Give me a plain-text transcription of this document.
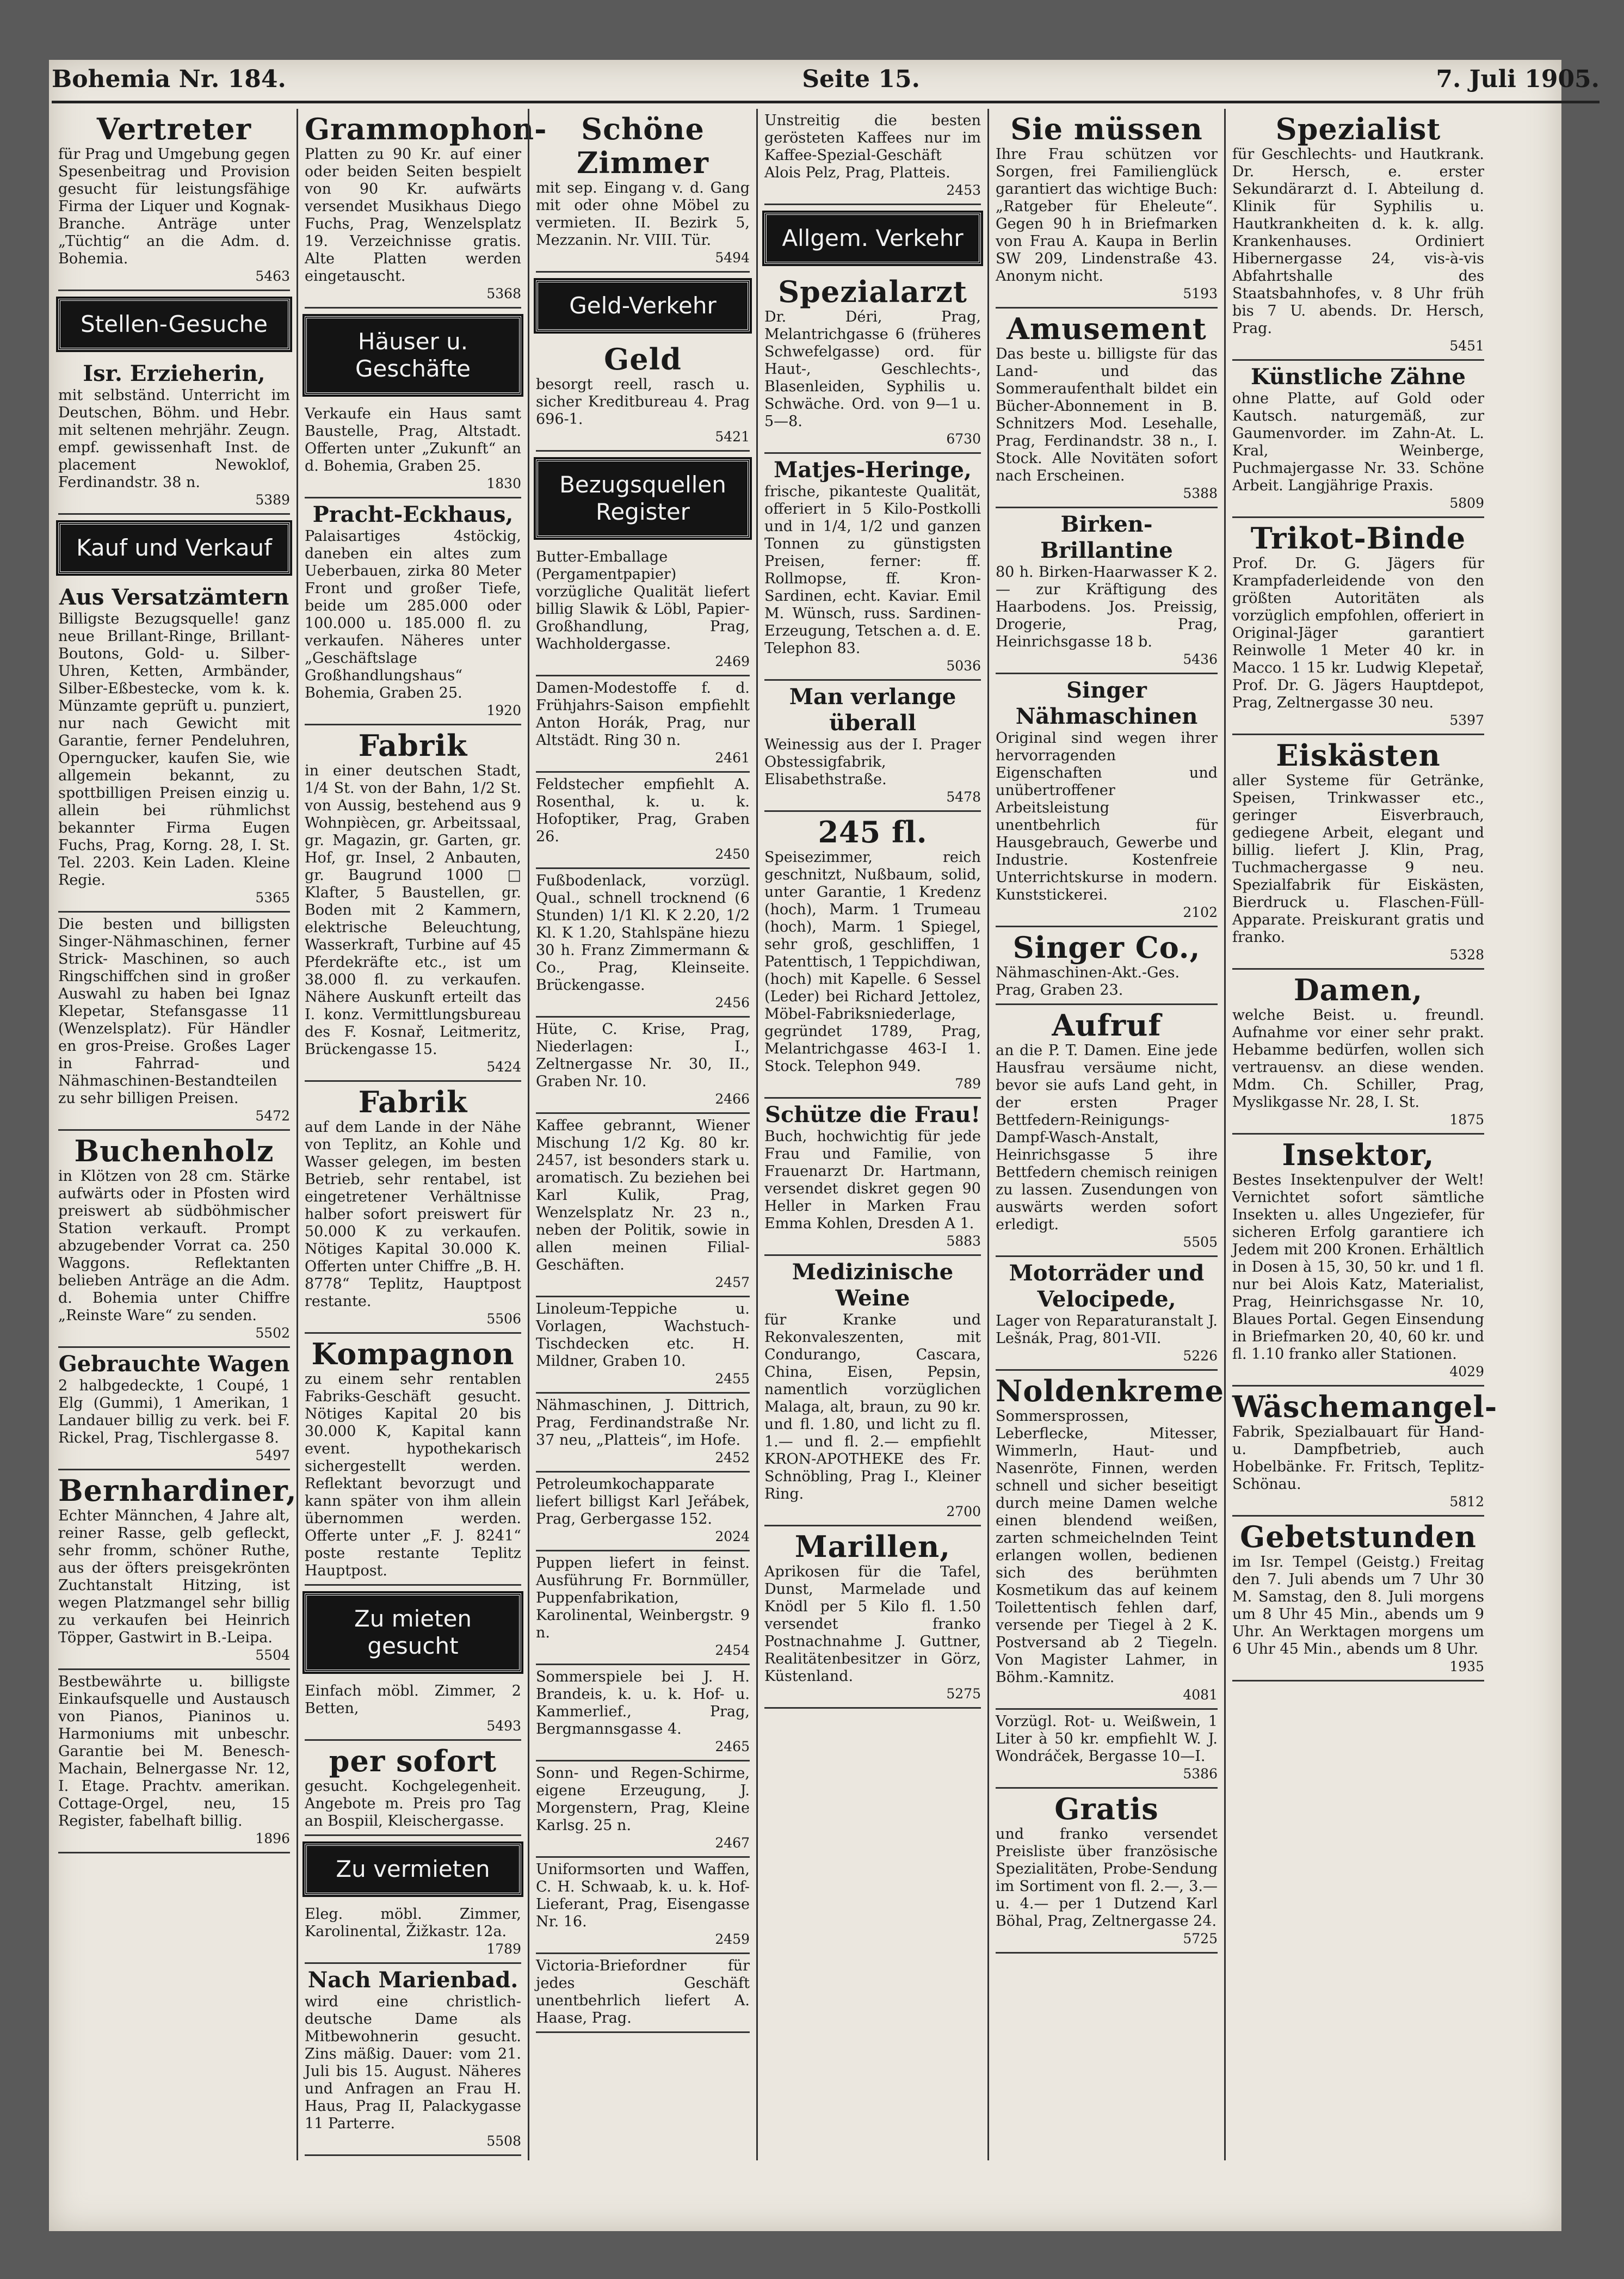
Bohemia Nr. 184.	Seite 15.	7. Juli 1905.
Vertreter
für Prag und Umgebung gegen Spesenbeitrag und Provision gesucht für leistungsfähige Firma der Liquer und Kognak-Branche. Anträge unter „Tüchtig“ an die Adm. d. Bohemia.
5463
Stellen-Gesuche
Isr. Erzieherin,
mit selbständ. Unterricht im Deutschen, Böhm. und Hebr. mit seltenen mehrjähr. Zeugn. empf. gewissenhaft Inst. de placement Newoklof, Ferdinandstr. 38 n.
5389
Kauf und Verkauf
Aus Versatzämtern
Billigste Bezugsquelle! ganz neue Brillant-Ringe, Brillant-Boutons, Gold- u. Silber-Uhren, Ketten, Armbänder, Silber-Eßbestecke, vom k. k. Münzamte geprüft u. punziert, nur nach Gewicht mit Garantie, ferner Pendeluhren, Operngucker, kaufen Sie, wie allgemein bekannt, zu spottbilligen Preisen einzig u. allein bei rühmlichst bekannter Firma Eugen Fuchs, Prag, Korng. 28, I. St. Tel. 2203. Kein Laden. Kleine Regie.
5365
Die besten und billigsten Singer-Nähmaschinen, ferner Strick- Maschinen, so auch Ringschiffchen sind in großer Auswahl zu haben bei Ignaz Klepetar, Stefansgasse 11 (Wenzelsplatz). Für Händler en gros-Preise. Großes Lager in Fahrrad- und Nähmaschinen-Bestandteilen zu sehr billigen Preisen.
5472
Buchenholz
in Klötzen von 28 cm. Stärke aufwärts oder in Pfosten wird preiswert ab südböhmischer Station verkauft. Prompt abzugebender Vorrat ca. 250 Waggons. Reflektanten belieben Anträge an die Adm. d. Bohemia unter Chiffre „Reinste Ware“ zu senden.
5502
Gebrauchte Wagen
2 halbgedeckte, 1 Coupé, 1 Elg (Gummi), 1 Amerikan, 1 Landauer billig zu verk. bei F. Rickel, Prag, Tischlergasse 8.
5497
Bernhardiner,
Echter Männchen, 4 Jahre alt, reiner Rasse, gelb gefleckt, sehr fromm, schöner Ruthe, aus der öfters preisgekrönten Zuchtanstalt Hitzing, ist wegen Platzmangel sehr billig zu verkaufen bei Heinrich Töpper, Gastwirt in B.-Leipa.
5504
Bestbewährte u. billigste Einkaufsquelle und Austausch von Pianos, Pianinos u. Harmoniums mit unbeschr. Garantie bei M. Benesch-Machain, Belnergasse Nr. 12, I. Etage. Prachtv. amerikan. Cottage-Orgel, neu, 15 Register, fabelhaft billig.
1896
Grammophon-
Platten zu 90 Kr. auf einer oder beiden Seiten bespielt von 90 Kr. aufwärts versendet Musikhaus Diego Fuchs, Prag, Wenzelsplatz 19. Verzeichnisse gratis. Alte Platten werden eingetauscht.
5368
Häuser u. Geschäfte
Verkaufe ein Haus samt Baustelle, Prag, Altstadt. Offerten unter „Zukunft“ an d. Bohemia, Graben 25.
1830
Pracht-Eckhaus,
Palaisartiges 4stöckig, daneben ein altes zum Ueberbauen, zirka 80 Meter Front und großer Tiefe, beide um 285.000 oder 100.000 u. 185.000 fl. zu verkaufen. Näheres unter „Geschäftslage Großhandlungshaus“ Bohemia, Graben 25.
1920
Fabrik
in einer deutschen Stadt, 1/4 St. von der Bahn, 1/2 St. von Aussig, bestehend aus 9 Wohnpiècen, gr. Arbeitssaal, gr. Magazin, gr. Garten, gr. Hof, gr. Insel, 2 Anbauten, gr. Baugrund 1000 □ Klafter, 5 Baustellen, gr. Boden mit 2 Kammern, elektrische Beleuchtung, Wasserkraft, Turbine auf 45 Pferdekräfte etc., ist um 38.000 fl. zu verkaufen. Nähere Auskunft erteilt das I. konz. Vermittlungsbureau des F. Kosnař, Leitmeritz, Brückengasse 15.
5424
Fabrik
auf dem Lande in der Nähe von Teplitz, an Kohle und Wasser gelegen, im besten Betrieb, sehr rentabel, ist eingetretener Verhältnisse halber sofort preiswert für 50.000 K zu verkaufen. Nötiges Kapital 30.000 K. Offerten unter Chiffre „B. H. 8778“ Teplitz, Hauptpost restante.
5506
Kompagnon
zu einem sehr rentablen Fabriks-Geschäft gesucht. Nötiges Kapital 20 bis 30.000 K, Kapital kann event. hypothekarisch sichergestellt werden. Reflektant bevorzugt und kann später von ihm allein übernommen werden. Offerte unter „F. J. 8241“ poste restante Teplitz Hauptpost.
Zu mieten gesucht
Einfach möbl. Zimmer, 2 Betten,
5493
per sofort
gesucht. Kochgelegenheit. Angebote m. Preis pro Tag an Bospiil, Kleischergasse.
Zu vermieten
Eleg. möbl. Zimmer, Karolinental, Žižkastr. 12a.
1789
Nach Marienbad.
wird eine christlich-deutsche Dame als Mitbewohnerin gesucht. Zins mäßig. Dauer: vom 21. Juli bis 15. August. Näheres und Anfragen an Frau H. Haus, Prag II, Palackygasse 11 Parterre.
5508
Schöne Zimmer
mit sep. Eingang v. d. Gang mit oder ohne Möbel zu vermieten. II. Bezirk 5, Mezzanin. Nr. VIII. Tür.
5494
Geld-Verkehr
Geld
besorgt reell, rasch u. sicher Kreditbureau 4. Prag 696-1.
5421
Bezugsquellen Register
Butter-Emballage (Pergamentpapier) vorzügliche Qualität liefert billig Slawik & Löbl, Papier-Großhandlung, Prag, Wachholdergasse.
2469
Damen-Modestoffe f. d. Frühjahrs-Saison empfiehlt Anton Horák, Prag, nur Altstädt. Ring 30 n.
2461
Feldstecher empfiehlt A. Rosenthal, k. u. k. Hofoptiker, Prag, Graben 26.
2450
Fußbodenlack, vorzügl. Qual., schnell trocknend (6 Stunden) 1/1 Kl. K 2.20, 1/2 Kl. K 1.20, Stahlspäne hiezu 30 h. Franz Zimmermann & Co., Prag, Kleinseite. Brückengasse.
2456
Hüte, C. Krise, Prag, Niederlagen: I., Zeltnergasse Nr. 30, II., Graben Nr. 10.
2466
Kaffee gebrannt, Wiener Mischung 1/2 Kg. 80 kr. 2457, ist besonders stark u. aromatisch. Zu beziehen bei Karl Kulik, Prag, Wenzelsplatz Nr. 23 n., neben der Politik, sowie in allen meinen Filial-Geschäften.
2457
Linoleum-Teppiche u. Vorlagen, Wachstuch-Tischdecken etc. H. Mildner, Graben 10.
2455
Nähmaschinen, J. Dittrich, Prag, Ferdinandstraße Nr. 37 neu, „Platteis“, im Hofe.
2452
Petroleumkochapparate liefert billigst Karl Jeřábek, Prag, Gerbergasse 152.
2024
Puppen liefert in feinst. Ausführung Fr. Bornmüller, Puppenfabrikation, Karolinental, Weinbergstr. 9 n.
2454
Sommerspiele bei J. H. Brandeis, k. u. k. Hof- u. Kammerlief., Prag, Bergmannsgasse 4.
2465
Sonn- und Regen-Schirme, eigene Erzeugung, J. Morgenstern, Prag, Kleine Karlsg. 25 n.
2467
Uniformsorten und Waffen, C. H. Schwaab, k. u. k. Hof-Lieferant, Prag, Eisengasse Nr. 16.
2459
Victoria-Briefordner für jedes Geschäft unentbehrlich liefert A. Haase, Prag.
Unstreitig die besten gerösteten Kaffees nur im Kaffee-Spezial-Geschäft Alois Pelz, Prag, Platteis.
2453
Allgem. Verkehr
Spezialarzt
Dr. Déri, Prag, Melantrichgasse 6 (früheres Schwefelgasse) ord. für Haut-, Geschlechts-, Blasenleiden, Syphilis u. Schwäche. Ord. von 9—1 u. 5—8.
6730
Matjes-Heringe,
frische, pikanteste Qualität, offeriert in 5 Kilo-Postkolli und in 1/4, 1/2 und ganzen Tonnen zu günstigsten Preisen, ferner: ff. Rollmopse, ff. Kron-Sardinen, echt. Kaviar. Emil M. Wünsch, russ. Sardinen-Erzeugung, Tetschen a. d. E. Telephon 83.
5036
Man verlange überall
Weinessig aus der I. Prager Obstessigfabrik, Elisabethstraße.
5478
245 fl.
Speisezimmer, reich geschnitzt, Nußbaum, solid, unter Garantie, 1 Kredenz (hoch), Marm. 1 Trumeau (hoch), Marm. 1 Spiegel, sehr groß, geschliffen, 1 Patenttisch, 1 Teppichdiwan, (hoch) mit Kapelle. 6 Sessel (Leder) bei Richard Jettolez, Möbel-Fabriksniederlage, gegründet 1789, Prag, Melantrichgasse 463-I 1. Stock. Telephon 949.
789
Schütze die Frau!
Buch, hochwichtig für jede Frau und Familie, von Frauenarzt Dr. Hartmann, versendet diskret gegen 90 Heller in Marken Frau Emma Kohlen, Dresden A 1.
5883
Medizinische Weine
für Kranke und Rekonvaleszenten, mit Condurango, Cascara, China, Eisen, Pepsin, namentlich vorzüglichen Malaga, alt, braun, zu 90 kr. und fl. 1.80, und licht zu fl. 1.— und fl. 2.— empfiehlt KRON-APOTHEKE des Fr. Schnöbling, Prag I., Kleiner Ring.
2700
Marillen,
Aprikosen für die Tafel, Dunst, Marmelade und Knödl per 5 Kilo fl. 1.50 versendet franko Postnachnahme J. Guttner, Realitätenbesitzer in Görz, Küstenland.
5275
Sie müssen
Ihre Frau schützen vor Sorgen, frei Familienglück garantiert das wichtige Buch: „Ratgeber für Eheleute“. Gegen 90 h in Briefmarken von Frau A. Kaupa in Berlin SW 209, Lindenstraße 43. Anonym nicht.
5193
Amusement
Das beste u. billigste für das Land- und das Sommeraufenthalt bildet ein Bücher-Abonnement in B. Schnitzers Mod. Lesehalle, Prag, Ferdinandstr. 38 n., I. Stock. Alle Novitäten sofort nach Erscheinen.
5388
Birken-Brillantine
80 h. Birken-Haarwasser K 2.— zur Kräftigung des Haarbodens. Jos. Preissig, Drogerie, Prag, Heinrichsgasse 18 b.
5436
Singer Nähmaschinen
Original sind wegen ihrer hervorragenden Eigenschaften und unübertroffener Arbeitsleistung unentbehrlich für Hausgebrauch, Gewerbe und Industrie. Kostenfreie Unterrichtskurse in modern. Kunststickerei.
2102
Singer Co.,
Nähmaschinen-Akt.-Ges. Prag, Graben 23.
Aufruf
an die P. T. Damen. Eine jede Hausfrau versäume nicht, bevor sie aufs Land geht, in der ersten Prager Bettfedern-Reinigungs-Dampf-Wasch-Anstalt, Heinrichsgasse 5 ihre Bettfedern chemisch reinigen zu lassen. Zusendungen von auswärts werden sofort erledigt.
5505
Motorräder und Velocipede,
Lager von Reparaturanstalt J. Lešnák, Prag, 801-VII.
5226
Noldenkreme
Sommersprossen, Leberflecke, Mitesser, Wimmerln, Haut- und Nasenröte, Finnen, werden schnell und sicher beseitigt durch meine Damen welche einen blendend weißen, zarten schmeichelnden Teint erlangen wollen, bedienen sich des berühmten Kosmetikum das auf keinem Toilettentisch fehlen darf, versende per Tiegel à 2 K. Postversand ab 2 Tiegeln. Von Magister Lahmer, in Böhm.-Kamnitz.
4081
Vorzügl. Rot- u. Weißwein, 1 Liter à 50 kr. empfiehlt W. J. Wondráček, Bergasse 10—I.
5386
Gratis
und franko versendet Preisliste über französische Spezialitäten, Probe-Sendung im Sortiment von fl. 2.—, 3.— u. 4.— per 1 Dutzend Karl Böhal, Prag, Zeltnergasse 24.
5725
Spezialist
für Geschlechts- und Hautkrank. Dr. Hersch, e. erster Sekundärarzt d. I. Abteilung d. Klinik für Syphilis u. Hautkrankheiten d. k. k. allg. Krankenhauses. Ordiniert Hibernergasse 24, vis-à-vis Abfahrtshalle des Staatsbahnhofes, v. 8 Uhr früh bis 7 U. abends. Dr. Hersch, Prag.
5451
Künstliche Zähne
ohne Platte, auf Gold oder Kautsch. naturgemäß, zur Gaumenvorder. im Zahn-At. L. Kral, Weinberge, Puchmajergasse Nr. 33. Schöne Arbeit. Langjährige Praxis.
5809
Trikot-Binde
Prof. Dr. G. Jägers für Krampfaderleidende von den größten Autoritäten als vorzüglich empfohlen, offeriert in Original-Jäger garantiert Reinwolle 1 Meter 40 kr. in Macco. 1 15 kr. Ludwig Klepetař, Prof. Dr. G. Jägers Hauptdepot, Prag, Zeltnergasse 30 neu.
5397
Eiskästen
aller Systeme für Getränke, Speisen, Trinkwasser etc., geringer Eisverbrauch, gediegene Arbeit, elegant und billig. liefert J. Klin, Prag, Tuchmachergasse 9 neu. Spezialfabrik für Eiskästen, Bierdruck u. Flaschen-Füll-Apparate. Preiskurant gratis und franko.
5328
Damen,
welche Beist. u. freundl. Aufnahme vor einer sehr prakt. Hebamme bedürfen, wollen sich vertrauensv. an diese wenden. Mdm. Ch. Schiller, Prag, Myslikgasse Nr. 28, I. St.
1875
Insektor,
Bestes Insektenpulver der Welt! Vernichtet sofort sämtliche Insekten u. alles Ungeziefer, für sicheren Erfolg garantiere ich Jedem mit 200 Kronen. Erhältlich in Dosen à 15, 30, 50 kr. und 1 fl. nur bei Alois Katz, Materialist, Prag, Heinrichsgasse Nr. 10, Blaues Portal. Gegen Einsendung in Briefmarken 20, 40, 60 kr. und fl. 1.10 franko aller Stationen.
4029
Wäschemangel-
Fabrik, Spezialbauart für Hand- u. Dampfbetrieb, auch Hobelbänke. Fr. Fritsch, Teplitz-Schönau.
5812
Gebetstunden
im Isr. Tempel (Geistg.) Freitag den 7. Juli abends um 7 Uhr 30 M. Samstag, den 8. Juli morgens um 8 Uhr 45 Min., abends um 9 Uhr. An Werktagen morgens um 6 Uhr 45 Min., abends um 8 Uhr.
1935
